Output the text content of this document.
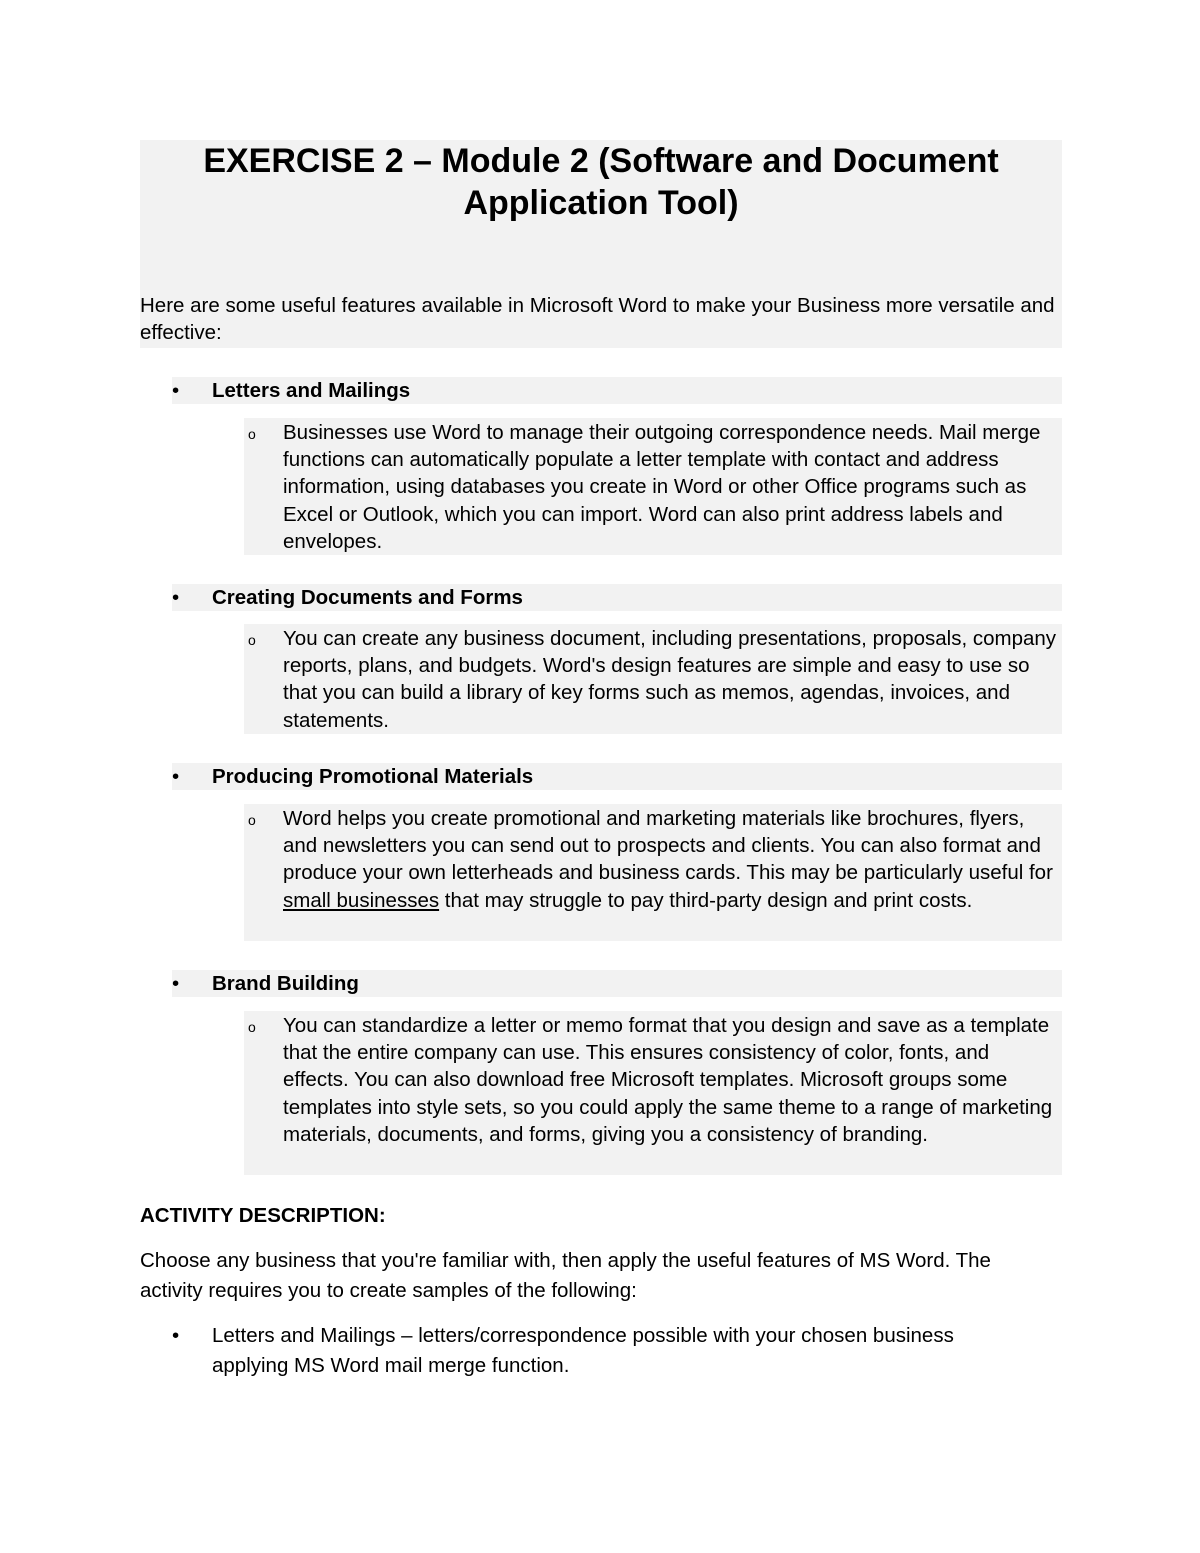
EXERCISE 2 – Module 2 (Software and Document
Application Tool)
Here are some useful features available in Microsoft Word to make your Business more versatile and effective:
•	Letters and Mailings
o Businesses use Word to manage their outgoing correspondence needs. Mail merge functions can automatically populate a letter template with contact and address information, using databases you create in Word or other Office programs such as Excel or Outlook, which you can import. Word can also print address labels and envelopes.
•	Creating Documents and Forms
o You can create any business document, including presentations, proposals, company reports, plans, and budgets. Word's design features are simple and easy to use so that you can build a library of key forms such as memos, agendas, invoices, and statements.
•	Producing Promotional Materials
o Word helps you create promotional and marketing materials like brochures, flyers, and newsletters you can send out to prospects and clients. You can also format and produce your own letterheads and business cards. This may be particularly useful for small businesses that may struggle to pay third-party design and print costs.
•	Brand Building
o You can standardize a letter or memo format that you design and save as a template that the entire company can use. This ensures consistency of color, fonts, and effects. You can also download free Microsoft templates. Microsoft groups some templates into style sets, so you could apply the same theme to a range of marketing materials, documents, and forms, giving you a consistency of branding.
ACTIVITY DESCRIPTION:
Choose any business that you're familiar with, then apply the useful features of MS Word. The activity requires you to create samples of the following:
• Letters and Mailings – letters/correspondence possible with your chosen business applying MS Word mail merge function.
